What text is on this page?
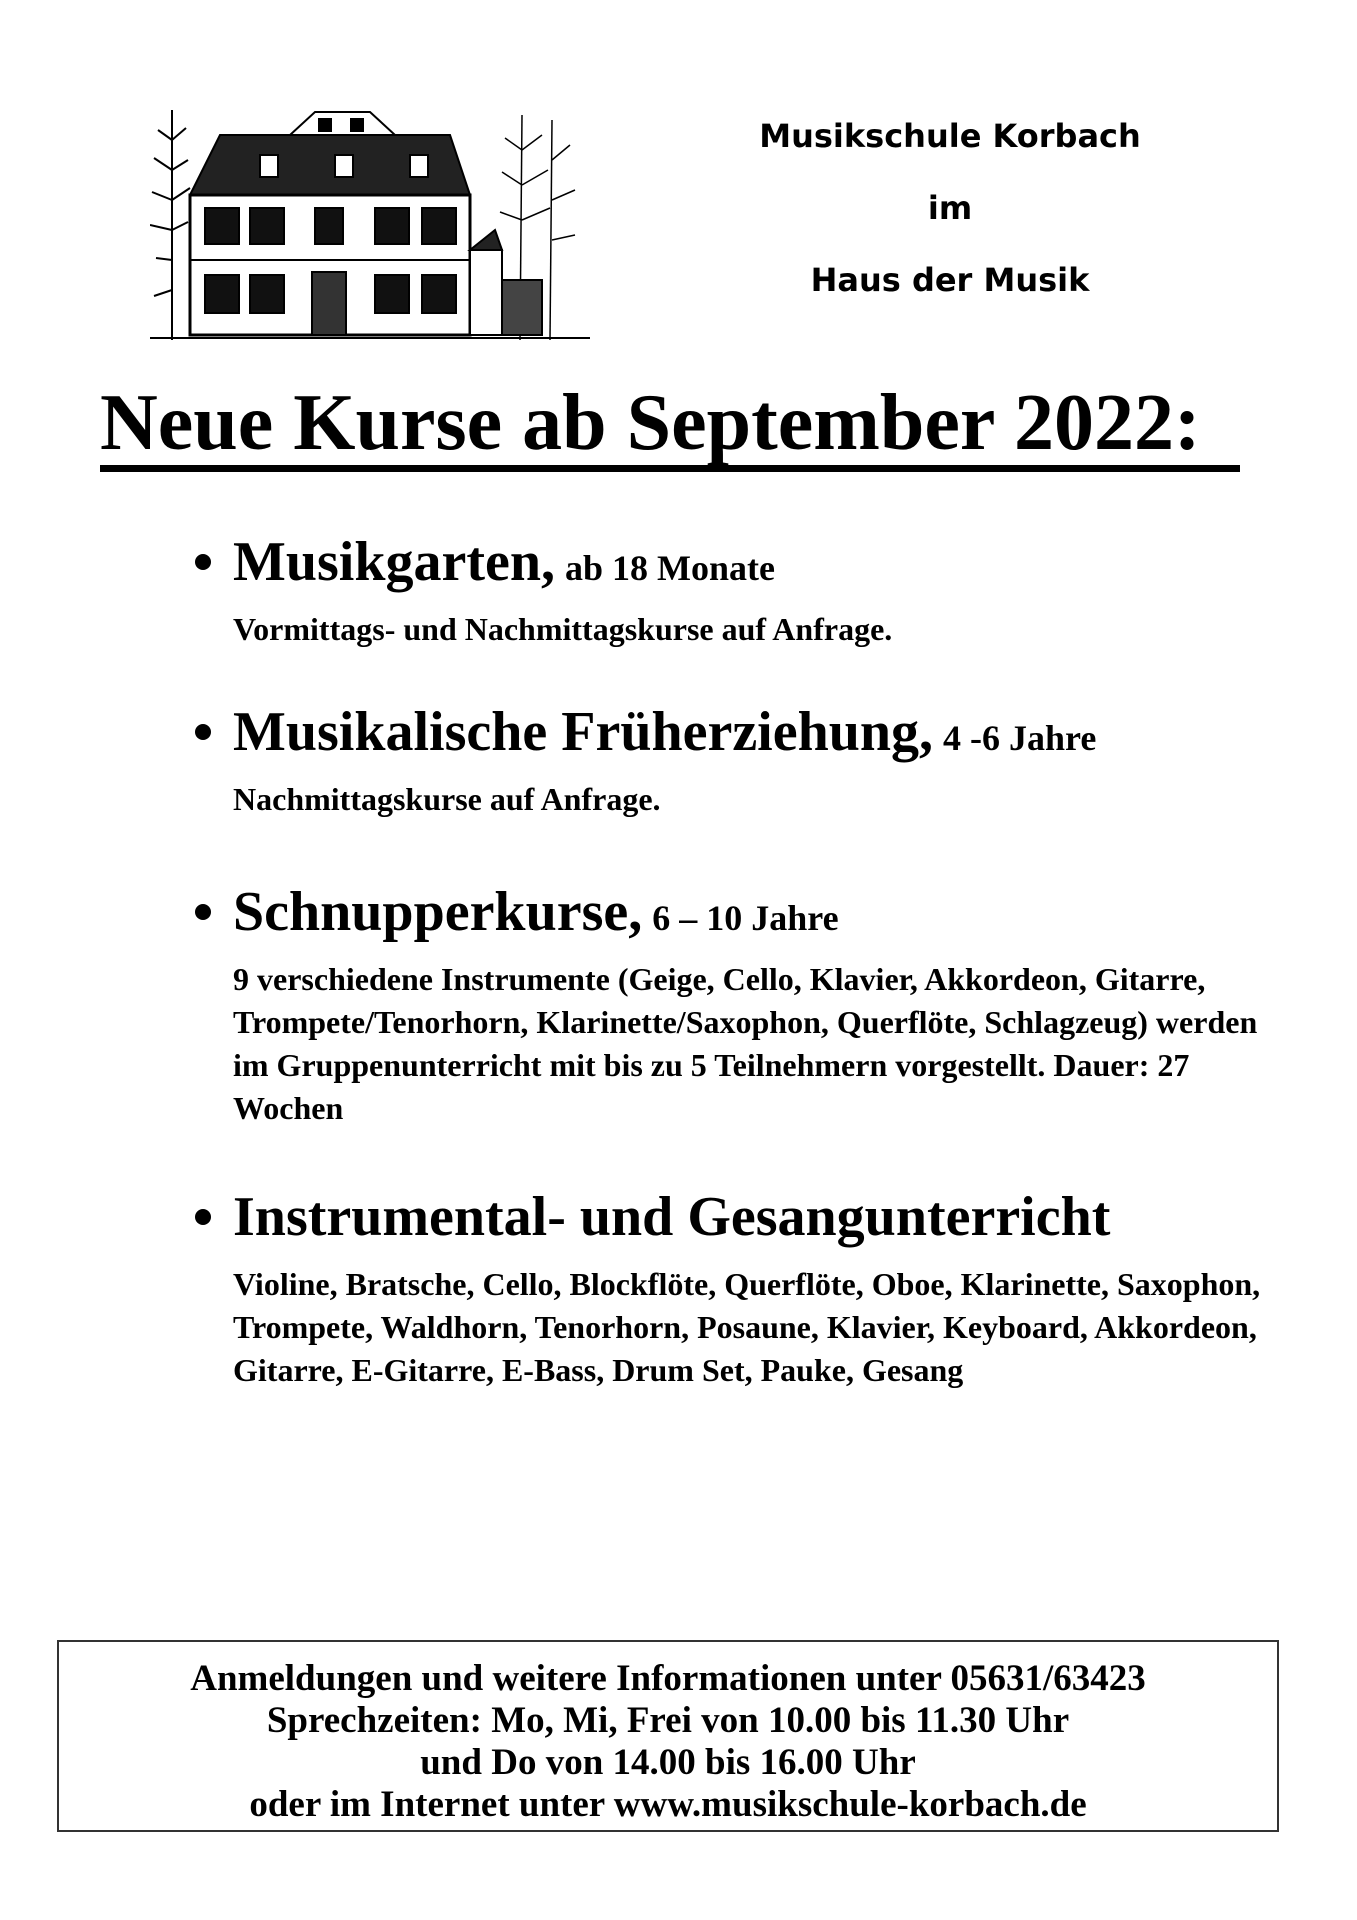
Musikschule Korbach
im
Haus der Musik
Neue Kurse ab September 2022:
Musikgarten, ab 18 Monate
Vormittags- und Nachmittagskurse auf Anfrage.
Musikalische Früherziehung, 4 -6 Jahre
Nachmittagskurse auf Anfrage.
Schnupperkurse, 6 – 10 Jahre
9 verschiedene Instrumente (Geige, Cello, Klavier, Akkordeon, Gitarre, Trompete/Tenorhorn, Klarinette/Saxophon, Querflöte, Schlagzeug) werden im Gruppenunterricht mit bis zu 5 Teilnehmern vorgestellt. Dauer: 27 Wochen
Instrumental- und Gesangunterricht
Violine, Bratsche, Cello, Blockflöte, Querflöte, Oboe, Klarinette, Saxophon, Trompete, Waldhorn, Tenorhorn, Posaune, Klavier, Keyboard, Akkordeon, Gitarre, E-Gitarre, E-Bass, Drum Set, Pauke, Gesang
Anmeldungen und weitere Informationen unter 05631/63423
Sprechzeiten: Mo, Mi, Frei von 10.00 bis 11.30 Uhr
und Do von 14.00 bis 16.00 Uhr
oder im Internet unter www.musikschule-korbach.de
